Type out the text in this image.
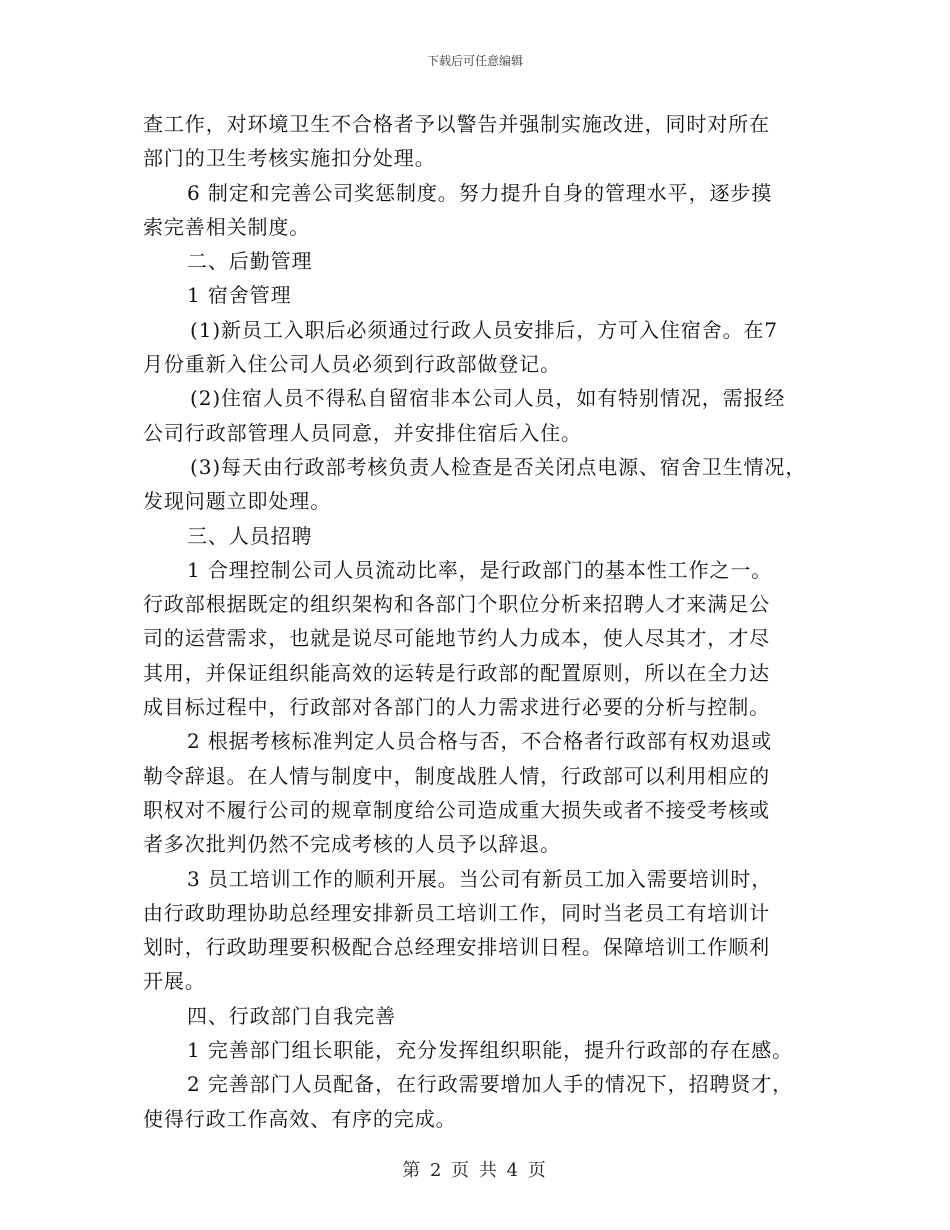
下载后可任意编辑
查工作，对环境卫生不合格者予以警告并强制实施改进，同时对所在
部门的卫生考核实施扣分处理。
6 制定和完善公司奖惩制度。努力提升自身的管理水平，逐步摸
索完善相关制度。
二、后勤管理
1 宿舍管理
(1)新员工入职后必须通过行政人员安排后，方可入住宿舍。在7
月份重新入住公司人员必须到行政部做登记。
(2)住宿人员不得私自留宿非本公司人员，如有特别情况，需报经
公司行政部管理人员同意，并安排住宿后入住。
(3)每天由行政部考核负责人检查是否关闭点电源、宿舍卫生情况，
发现问题立即处理。
三、人员招聘
1 合理控制公司人员流动比率，是行政部门的基本性工作之一。
行政部根据既定的组织架构和各部门个职位分析来招聘人才来满足公
司的运营需求，也就是说尽可能地节约人力成本，使人尽其才，才尽
其用，并保证组织能高效的运转是行政部的配置原则，所以在全力达
成目标过程中，行政部对各部门的人力需求进行必要的分析与控制。
2 根据考核标准判定人员合格与否，不合格者行政部有权劝退或
勒令辞退。在人情与制度中，制度战胜人情，行政部可以利用相应的
职权对不履行公司的规章制度给公司造成重大损失或者不接受考核或
者多次批判仍然不完成考核的人员予以辞退。
3 员工培训工作的顺利开展。当公司有新员工加入需要培训时，
由行政助理协助总经理安排新员工培训工作，同时当老员工有培训计
划时，行政助理要积极配合总经理安排培训日程。保障培训工作顺利
开展。
四、行政部门自我完善
1 完善部门组长职能，充分发挥组织职能，提升行政部的存在感。
2 完善部门人员配备，在行政需要增加人手的情况下，招聘贤才，
使得行政工作高效、有序的完成。
第 2 页 共 4 页
